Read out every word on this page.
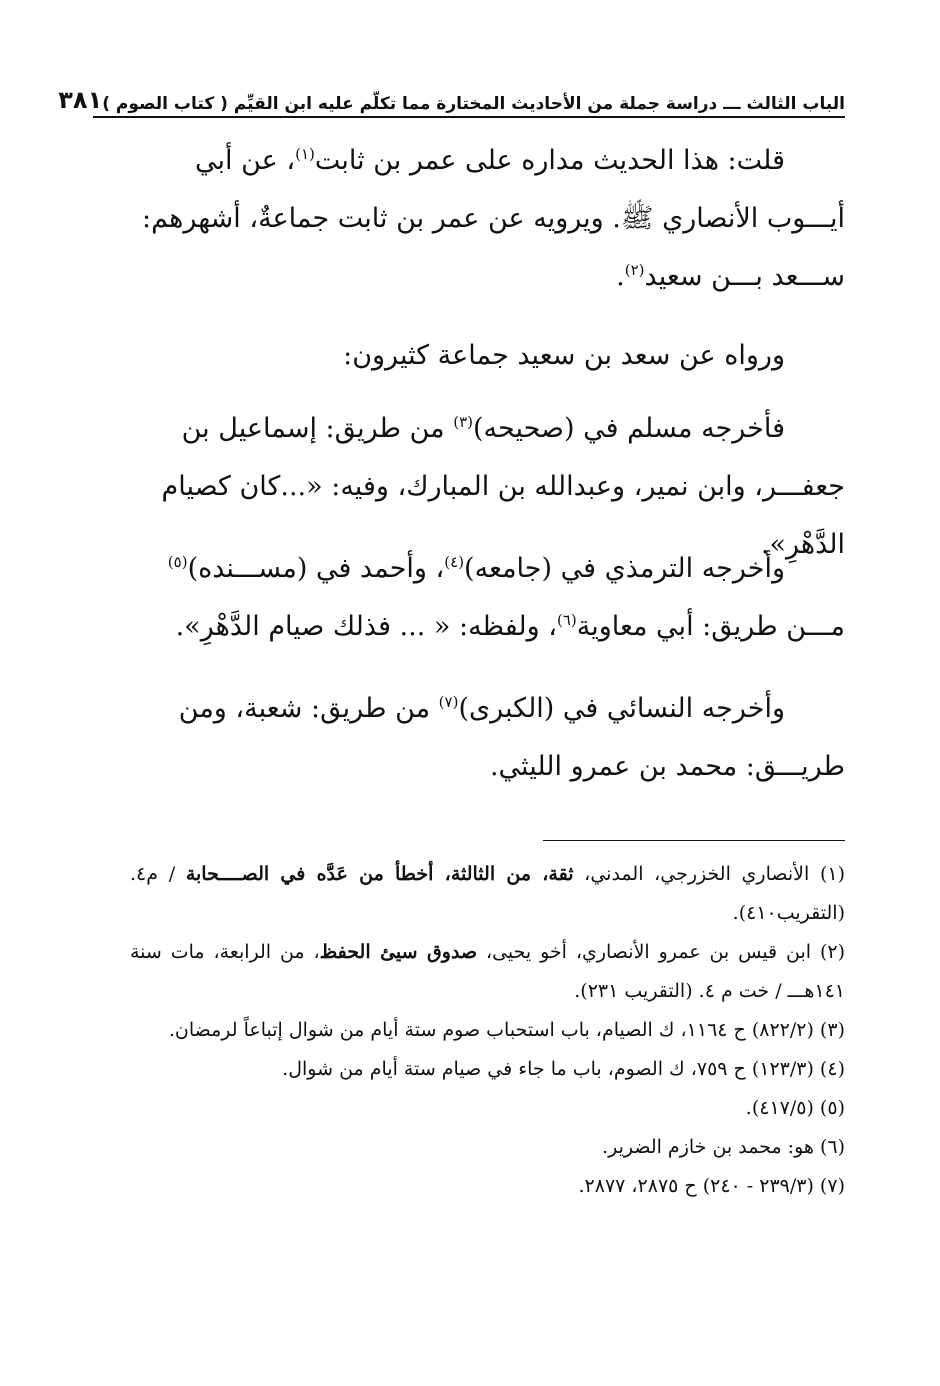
الباب الثالث ـــ دراسة جملة من الأحاديث المختارة مما تكلّم عليه ابن القيِّم ( كتاب الصوم )
٣٨١

قلت: هذا الحديث مداره على عمر بن ثابت$^{(١)}$، عن أبي أيـــوب الأنصاري ﷺ. ويرويه عن عمر بن ثابت جماعةٌ، أشهرهم: ســـعد بـــن سعيد$^{(٢)}$.

ورواه عن سعد بن سعيد جماعة كثيرون:

فأخرجه مسلم في (صحيحه)$^{(٣)}$ من طريق: إسماعيل بن جعفـــر، وابن نمير، وعبدالله بن المبارك، وفيه: «...كان كصيام الدَّهْرِ».

وأخرجه الترمذي في (جامعه)$^{(٤)}$، وأحمد في (مســـنده)$^{(٥)}$ مـــن طريق: أبي معاوية$^{(٦)}$، ولفظه: « ... فذلك صيام الدَّهْرِ».

وأخرجه النسائي في (الكبرى)$^{(٧)}$ من طريق: شعبة، ومن طريـــق: محمد بن عمرو الليثي.

(١) الأنصاري الخزرجي، المدني، ثقة، من الثالثة، أخطأ من عَدَّه في الصــــحابة / م٤. (التقريب٤١٠).

(٢) ابن قيس بن عمرو الأنصاري، أخو يحيى، صدوق سيئ الحفظ، من الرابعة، مات سنة ١٤١هـــ / خت م ٤. (التقريب ٢٣١).

(٣) (٨٢٢/٢) ح ١١٦٤، ك الصيام، باب استحباب صوم ستة أيام من شوال إتباعاً لرمضان.

(٤) (١٢٣/٣) ح ٧٥٩، ك الصوم، باب ما جاء في صيام ستة أيام من شوال.

(٥) (٤١٧/٥).

(٦) هو: محمد بن خازم الضرير.

(٧) (٢٣٩/٣ - ٢٤٠) ح ٢٨٧٥، ٢٨٧٧.
